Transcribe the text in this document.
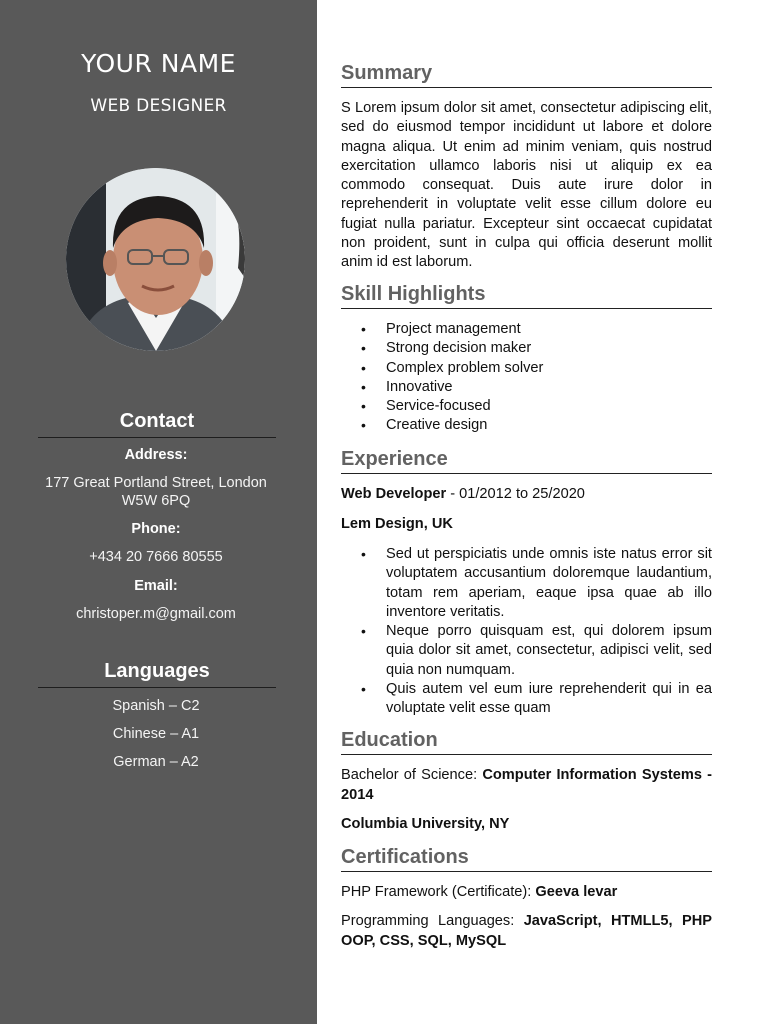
YOUR NAME
WEB DESIGNER
Contact
Address:
177 Great Portland Street, London
W5W 6PQ
Phone:
+434 20 7666 80555
Email:
christoper.m@gmail.com
Languages
Spanish – C2
Chinese – A1
German – A2
Summary
S Lorem ipsum dolor sit amet, consectetur adipiscing elit, sed do eiusmod tempor incididunt ut labore et dolore magna aliqua. Ut enim ad minim veniam, quis nostrud exercitation ullamco laboris nisi ut aliquip ex ea commodo consequat. Duis aute irure dolor in reprehenderit in voluptate velit esse cillum dolore eu fugiat nulla pariatur. Excepteur sint occaecat cupidatat non proident, sunt in culpa qui officia deserunt mollit anim id est laborum.
Skill Highlights
• Project management
• Strong decision maker
• Complex problem solver
• Innovative
• Service-focused
• Creative design
Experience
Web Developer - 01/2012 to 25/2020
Lem Design, UK
• Sed ut perspiciatis unde omnis iste natus error sit voluptatem accusantium doloremque laudantium, totam rem aperiam, eaque ipsa quae ab illo inventore veritatis.
• Neque porro quisquam est, qui dolorem ipsum quia dolor sit amet, consectetur, adipisci velit, sed quia non numquam.
• Quis autem vel eum iure reprehenderit qui in ea voluptate velit esse quam
Education
Bachelor of Science: Computer Information Systems - 2014
Columbia University, NY
Certifications
PHP Framework (Certificate): Geeva levar
Programming Languages: JavaScript, HTMLL5, PHP OOP, CSS, SQL, MySQL
